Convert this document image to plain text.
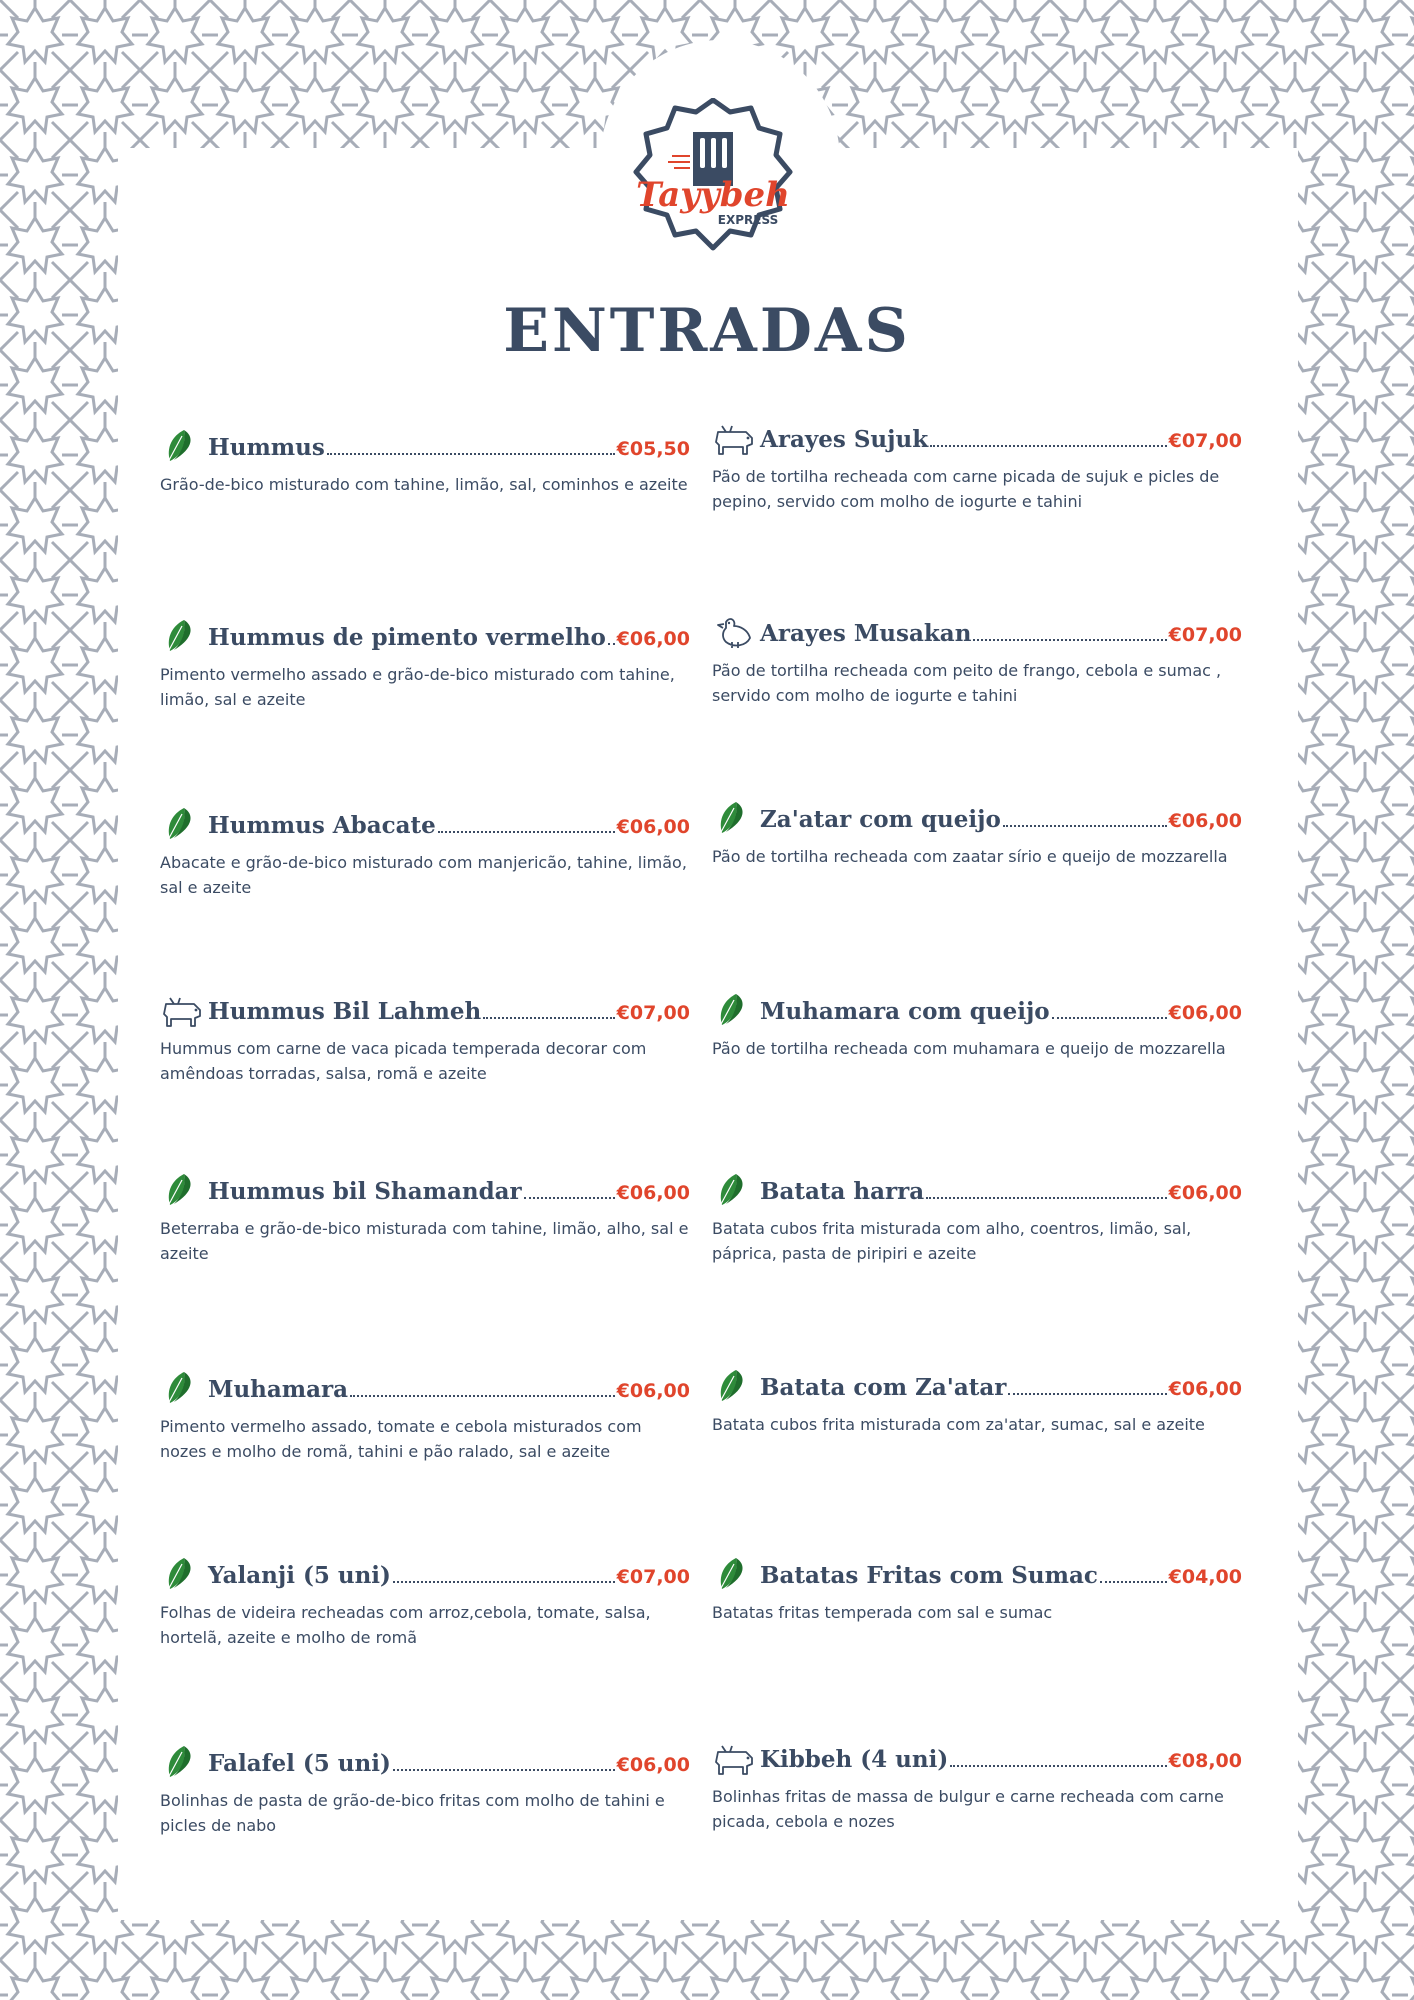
Tayybeh
EXPRESS
ENTRADAS
Hummus	€05,50
Grão-de-bico misturado com tahine, limão, sal, cominhos e azeite
Hummus de pimento vermelho €06,00
Pimento vermelho assado e grão-de-bico misturado com tahine, limão, sal e azeite
Hummus Abacate	€06,00
Abacate e grão-de-bico misturado com manjericão, tahine, limão, sal e azeite
Hummus Bil Lahmeh	€07,00
Hummus com carne de vaca picada temperada decorar com amêndoas torradas, salsa, romã e azeite
Hummus bil Shamandar	€06,00
Beterraba e grão-de-bico misturada com tahine, limão, alho, sal e azeite
Muhamara	€06,00
Pimento vermelho assado, tomate e cebola misturados com nozes e molho de romã, tahini e pão ralado, sal e azeite
Yalanji (5 uni)	€07,00
Folhas de videira recheadas com arroz,cebola, tomate, salsa, hortelã, azeite e molho de romã
Falafel (5 uni)	€06,00
Bolinhas de pasta de grão-de-bico fritas com molho de tahini e picles de nabo
Arayes Sujuk	€07,00
Pão de tortilha recheada com carne picada de sujuk e picles de pepino, servido com molho de iogurte e tahini
Arayes Musakan	€07,00
Pão de tortilha recheada com peito de frango, cebola e sumac , servido com molho de iogurte e tahini
Za'atar com queijo	€06,00
Pão de tortilha recheada com zaatar sírio e queijo de mozzarella
Muhamara com queijo	€06,00
Pão de tortilha recheada com muhamara e queijo de mozzarella
Batata harra	€06,00
Batata cubos frita misturada com alho, coentros, limão, sal, páprica, pasta de piripiri e azeite
Batata com Za'atar	€06,00
Batata cubos frita misturada com za'atar, sumac, sal e azeite
Batatas Fritas com Sumac	€04,00
Batatas fritas temperada com sal e sumac
Kibbeh (4 uni)	€08,00
Bolinhas fritas de massa de bulgur e carne recheada com carne picada, cebola e nozes
